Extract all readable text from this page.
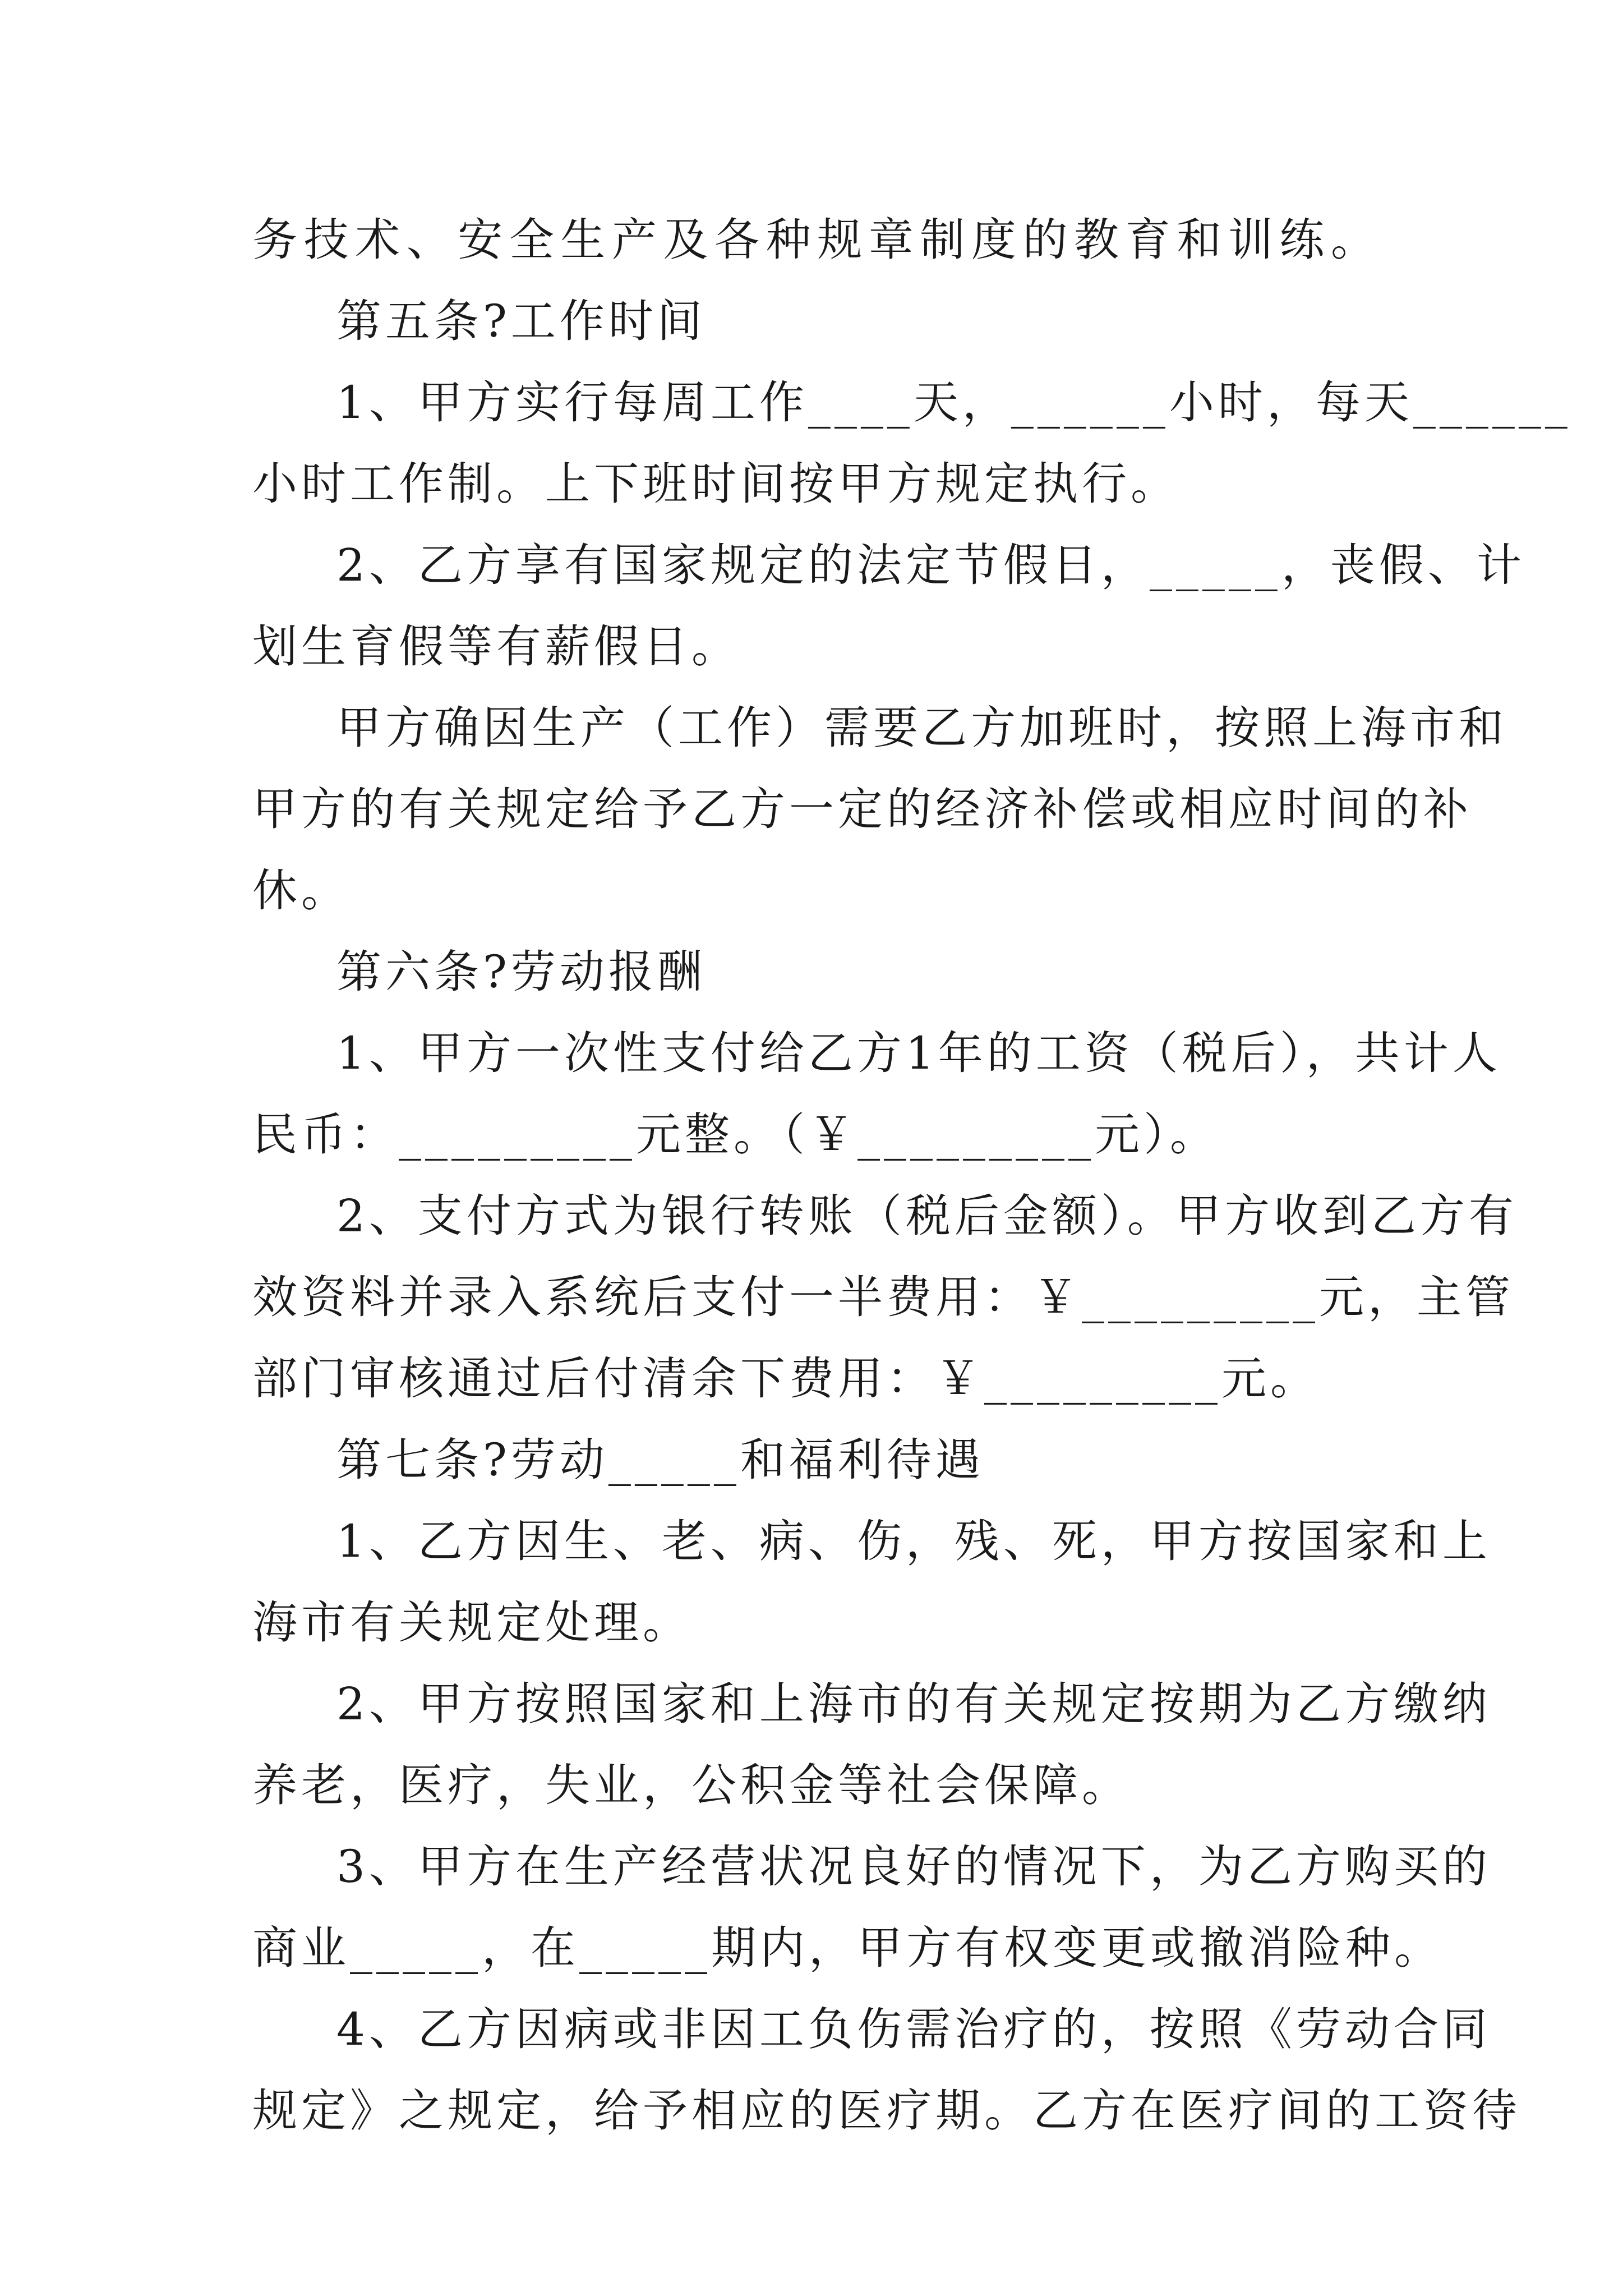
务技术、安全生产及各种规章制度的教育和训练。
第五条?工作时间
1、甲方实行每周工作____天，______小时，每天______
小时工作制。上下班时间按甲方规定执行。
2、乙方享有国家规定的法定节假日，_____，丧假、计
划生育假等有薪假日。
甲方确因生产（工作）需要乙方加班时，按照上海市和
甲方的有关规定给予乙方一定的经济补偿或相应时间的补
休。
第六条?劳动报酬
1、甲方一次性支付给乙方1年的工资（税后），共计人
民币：_________元整。（￥_________元）。
2、支付方式为银行转账（税后金额）。甲方收到乙方有
效资料并录入系统后支付一半费用：￥_________元，主管
部门审核通过后付清余下费用：￥_________元。
第七条?劳动_____和福利待遇
1、乙方因生、老、病、伤，残、死，甲方按国家和上
海市有关规定处理。
2、甲方按照国家和上海市的有关规定按期为乙方缴纳
养老，医疗，失业，公积金等社会保障。
3、甲方在生产经营状况良好的情况下，为乙方购买的
商业_____，在_____期内，甲方有权变更或撤消险种。
4、乙方因病或非因工负伤需治疗的，按照《劳动合同
规定》之规定，给予相应的医疗期。乙方在医疗间的工资待
